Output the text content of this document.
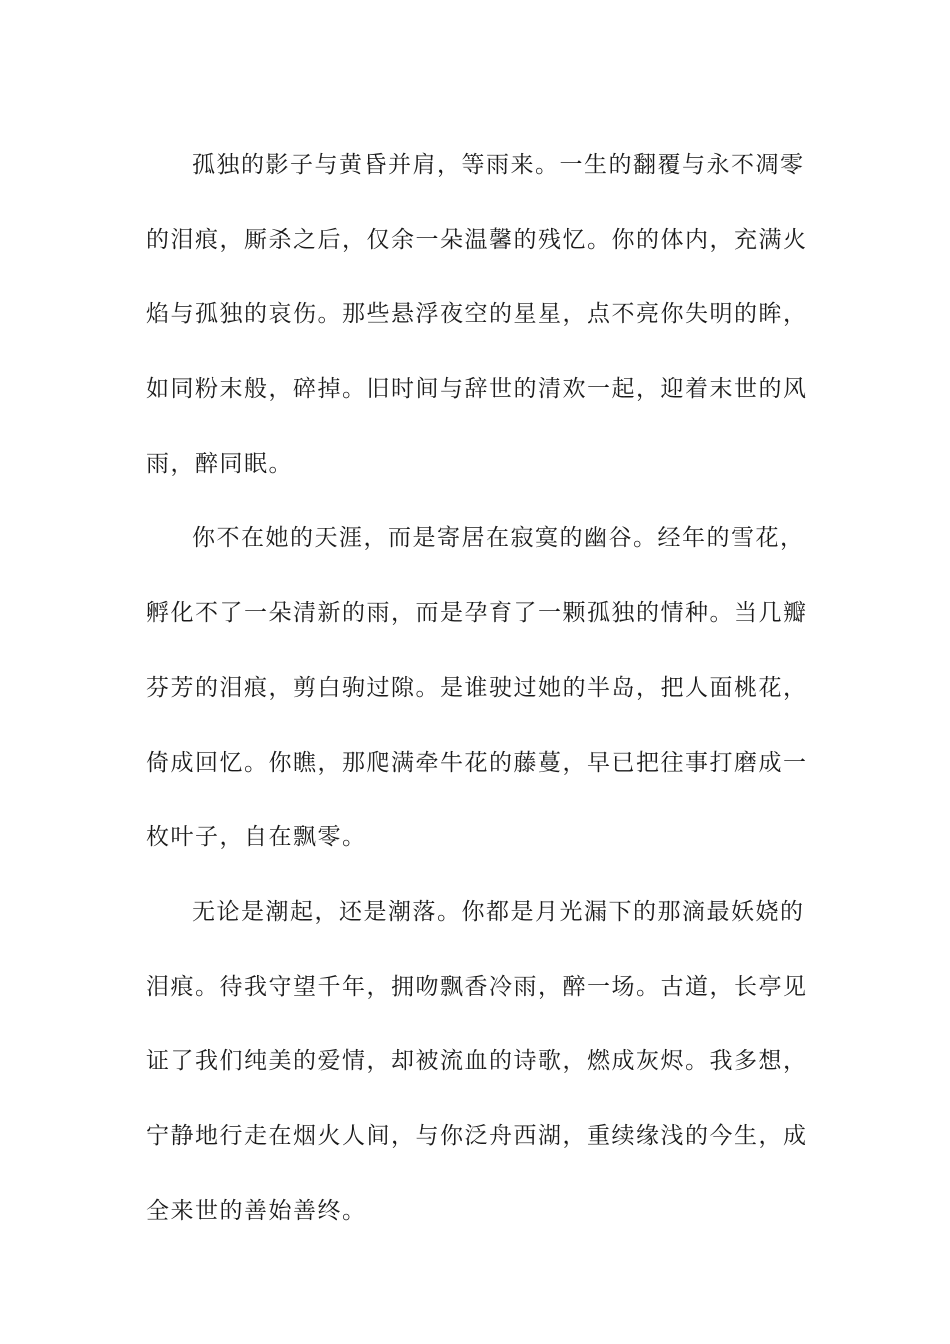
孤独的影子与黄昏并肩，等雨来。一生的翻覆与永不凋零
的泪痕，厮杀之后，仅余一朵温馨的残忆。你的体内，充满火
焰与孤独的哀伤。那些悬浮夜空的星星，点不亮你失明的眸，
如同粉末般，碎掉。旧时间与辞世的清欢一起，迎着末世的风
雨，醉同眠。
你不在她的天涯，而是寄居在寂寞的幽谷。经年的雪花，
孵化不了一朵清新的雨，而是孕育了一颗孤独的情种。当几瓣
芬芳的泪痕，剪白驹过隙。是谁驶过她的半岛，把人面桃花，
倚成回忆。你瞧，那爬满牵牛花的藤蔓，早已把往事打磨成一
枚叶子，自在飘零。
无论是潮起，还是潮落。你都是月光漏下的那滴最妖娆的
泪痕。待我守望千年，拥吻飘香冷雨，醉一场。古道，长亭见
证了我们纯美的爱情，却被流血的诗歌，燃成灰烬。我多想，
宁静地行走在烟火人间，与你泛舟西湖，重续缘浅的今生，成
全来世的善始善终。
